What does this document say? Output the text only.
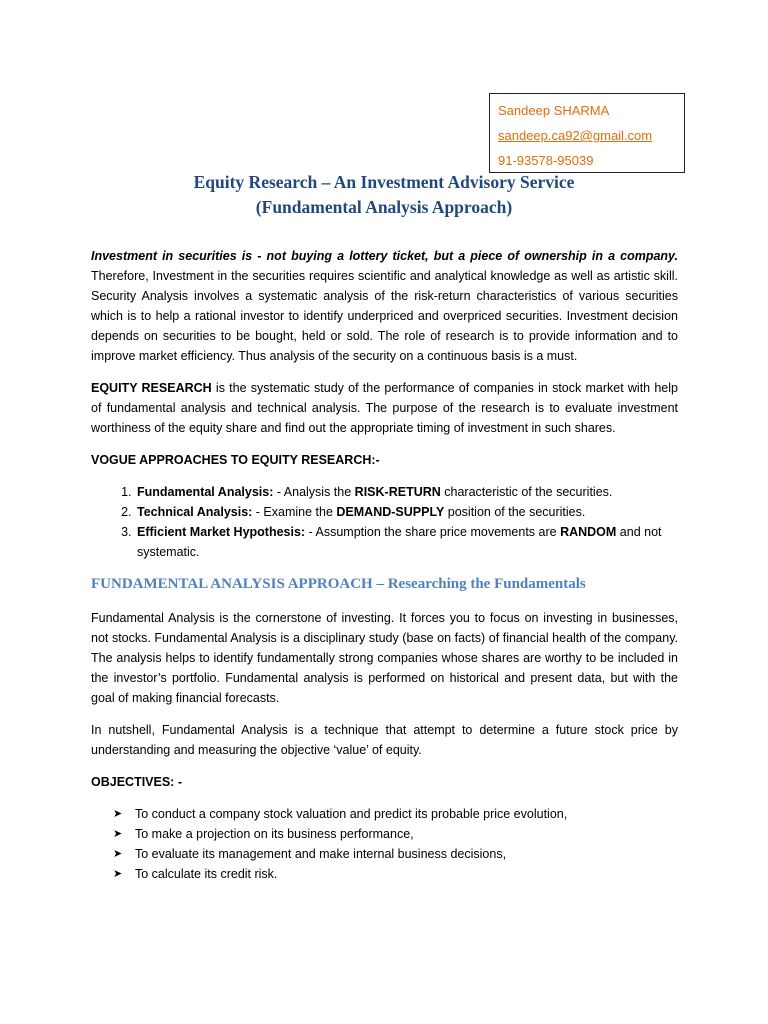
Sandeep SHARMA
sandeep.ca92@gmail.com
91-93578-95039
Equity Research – An Investment Advisory Service
(Fundamental Analysis Approach)

Investment in securities is - not buying a lottery ticket, but a piece of ownership in a company. Therefore, Investment in the securities requires scientific and analytical knowledge as well as artistic skill. Security Analysis involves a systematic analysis of the risk-return characteristics of various securities which is to help a rational investor to identify underpriced and overpriced securities. Investment decision depends on securities to be bought, held or sold. The role of research is to provide information and to improve market efficiency. Thus analysis of the security on a continuous basis is a must.

EQUITY RESEARCH is the systematic study of the performance of companies in stock market with help of fundamental analysis and technical analysis. The purpose of the research is to evaluate investment worthiness of the equity share and find out the appropriate timing of investment in such shares.

VOGUE APPROACHES TO EQUITY RESEARCH:-

1. Fundamental Analysis: - Analysis the RISK-RETURN characteristic of the securities.
2. Technical Analysis: - Examine the DEMAND-SUPPLY position of the securities.
3. Efficient Market Hypothesis: - Assumption the share price movements are RANDOM and not systematic.
FUNDAMENTAL ANALYSIS APPROACH – Researching the Fundamentals

Fundamental Analysis is the cornerstone of investing. It forces you to focus on investing in businesses, not stocks. Fundamental Analysis is a disciplinary study (base on facts) of financial health of the company. The analysis helps to identify fundamentally strong companies whose shares are worthy to be included in the investor’s portfolio. Fundamental analysis is performed on historical and present data, but with the goal of making financial forecasts.

In nutshell, Fundamental Analysis is a technique that attempt to determine a future stock price by understanding and measuring the objective ‘value’ of equity.

OBJECTIVES: -

➤ To conduct a company stock valuation and predict its probable price evolution,
➤ To make a projection on its business performance,
➤ To evaluate its management and make internal business decisions,
➤ To calculate its credit risk.
